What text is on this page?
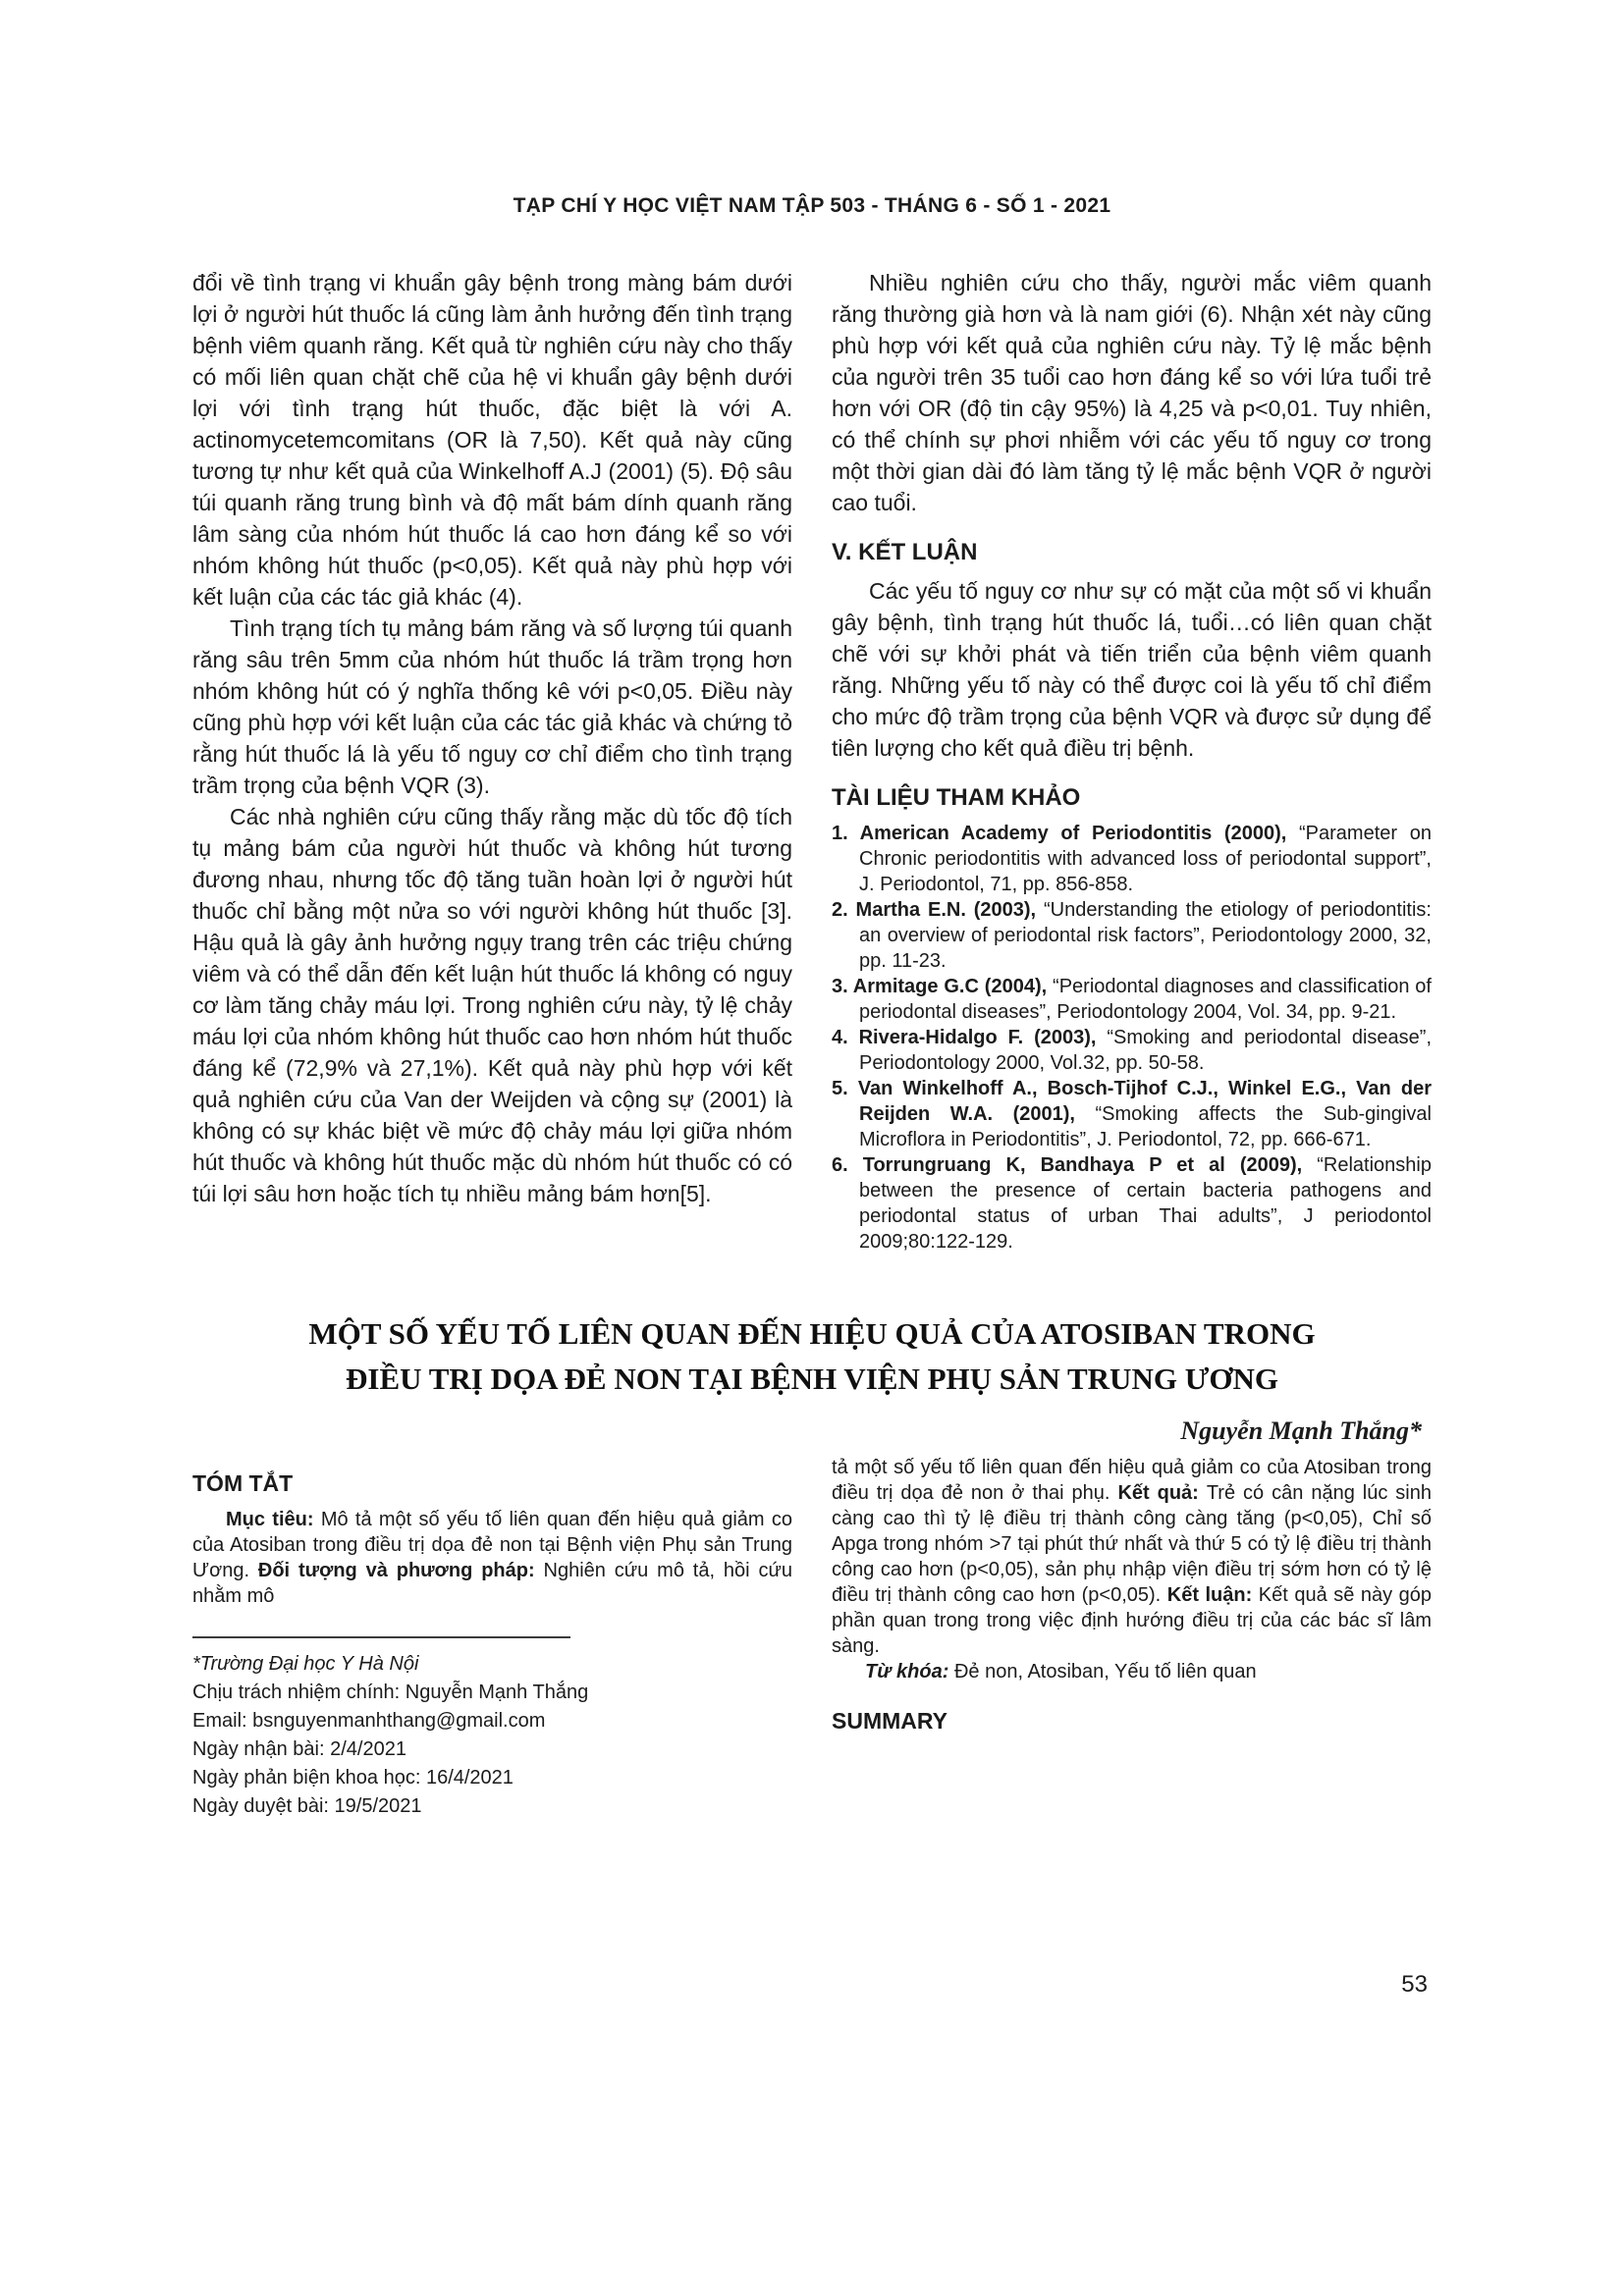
TẠP CHÍ Y HỌC VIỆT NAM TẬP 503 - THÁNG 6 - SỐ 1 - 2021

đổi về tình trạng vi khuẩn gây bệnh trong màng bám dưới lợi ở người hút thuốc lá cũng làm ảnh hưởng đến tình trạng bệnh viêm quanh răng. Kết quả từ nghiên cứu này cho thấy có mối liên quan chặt chẽ của hệ vi khuẩn gây bệnh dưới lợi với tình trạng hút thuốc, đặc biệt là với A. actinomycetemcomitans (OR là 7,50). Kết quả này cũng tương tự như kết quả của Winkelhoff A.J (2001) (5). Độ sâu túi quanh răng trung bình và độ mất bám dính quanh răng lâm sàng của nhóm hút thuốc lá cao hơn đáng kể so với nhóm không hút thuốc (p<0,05). Kết quả này phù hợp với kết luận của các tác giả khác (4).

Tình trạng tích tụ mảng bám răng và số lượng túi quanh răng sâu trên 5mm của nhóm hút thuốc lá trầm trọng hơn nhóm không hút có ý nghĩa thống kê với p<0,05. Điều này cũng phù hợp với kết luận của các tác giả khác và chứng tỏ rằng hút thuốc lá là yếu tố nguy cơ chỉ điểm cho tình trạng trầm trọng của bệnh VQR (3).

Các nhà nghiên cứu cũng thấy rằng mặc dù tốc độ tích tụ mảng bám của người hút thuốc và không hút tương đương nhau, nhưng tốc độ tăng tuần hoàn lợi ở người hút thuốc chỉ bằng một nửa so với người không hút thuốc [3]. Hậu quả là gây ảnh hưởng ngụy trang trên các triệu chứng viêm và có thể dẫn đến kết luận hút thuốc lá không có nguy cơ làm tăng chảy máu lợi. Trong nghiên cứu này, tỷ lệ chảy máu lợi của nhóm không hút thuốc cao hơn nhóm hút thuốc đáng kể (72,9% và 27,1%). Kết quả này phù hợp với kết quả nghiên cứu của Van der Weijden và cộng sự (2001) là không có sự khác biệt về mức độ chảy máu lợi giữa nhóm hút thuốc và không hút thuốc mặc dù nhóm hút thuốc có có túi lợi sâu hơn hoặc tích tụ nhiều mảng bám hơn[5].

Nhiều nghiên cứu cho thấy, người mắc viêm quanh răng thường già hơn và là nam giới (6). Nhận xét này cũng phù hợp với kết quả của nghiên cứu này. Tỷ lệ mắc bệnh của người trên 35 tuổi cao hơn đáng kể so với lứa tuổi trẻ hơn với OR (độ tin cậy 95%) là 4,25 và p<0,01. Tuy nhiên, có thể chính sự phơi nhiễm với các yếu tố nguy cơ trong một thời gian dài đó làm tăng tỷ lệ mắc bệnh VQR ở người cao tuổi.

V. KẾT LUẬN

Các yếu tố nguy cơ như sự có mặt của một số vi khuẩn gây bệnh, tình trạng hút thuốc lá, tuổi…có liên quan chặt chẽ với sự khởi phát và tiến triển của bệnh viêm quanh răng. Những yếu tố này có thể được coi là yếu tố chỉ điểm cho mức độ trầm trọng của bệnh VQR và được sử dụng để tiên lượng cho kết quả điều trị bệnh.

TÀI LIỆU THAM KHẢO
1. American Academy of Periodontitis (2000), “Parameter on Chronic periodontitis with advanced loss of periodontal support”, J. Periodontol, 71, pp. 856-858.
2. Martha E.N. (2003), “Understanding the etiology of periodontitis: an overview of periodontal risk factors”, Periodontology 2000, 32, pp. 11-23.
3. Armitage G.C (2004), “Periodontal diagnoses and classification of periodontal diseases”, Periodontology 2004, Vol. 34, pp. 9-21.
4. Rivera-Hidalgo F. (2003), “Smoking and periodontal disease”, Periodontology 2000, Vol.32, pp. 50-58.
5. Van Winkelhoff A., Bosch-Tijhof C.J., Winkel E.G., Van der Reijden W.A. (2001), “Smoking affects the Sub-gingival Microflora in Periodontitis”, J. Periodontol, 72, pp. 666-671.
6. Torrungruang K, Bandhaya P et al (2009), “Relationship between the presence of certain bacteria pathogens and periodontal status of urban Thai adults”, J periodontol 2009;80:122-129.
MỘT SỐ YẾU TỐ LIÊN QUAN ĐẾN HIỆU QUẢ CỦA ATOSIBAN TRONG
ĐIỀU TRỊ DỌA ĐẺ NON TẠI BỆNH VIỆN PHỤ SẢN TRUNG ƯƠNG
Nguyễn Mạnh Thắng*
TÓM TẮT

Mục tiêu: Mô tả một số yếu tố liên quan đến hiệu quả giảm co của Atosiban trong điều trị dọa đẻ non tại Bệnh viện Phụ sản Trung Ương. Đối tượng và phương pháp: Nghiên cứu mô tả, hồi cứu nhằm mô

*Trường Đại học Y Hà Nội
Chịu trách nhiệm chính: Nguyễn Mạnh Thắng
Email: bsnguyenmanhthang@gmail.com
Ngày nhận bài: 2/4/2021
Ngày phản biện khoa học: 16/4/2021
Ngày duyệt bài: 19/5/2021

tả một số yếu tố liên quan đến hiệu quả giảm co của Atosiban trong điều trị dọa đẻ non ở thai phụ. Kết quả: Trẻ có cân nặng lúc sinh càng cao thì tỷ lệ điều trị thành công càng tăng (p<0,05), Chỉ số Apga trong nhóm >7 tại phút thứ nhất và thứ 5 có tỷ lệ điều trị thành công cao hơn (p<0,05), sản phụ nhập viện điều trị sớm hơn có tỷ lệ điều trị thành công cao hơn (p<0,05). Kết luận: Kết quả sẽ này góp phần quan trong trong việc định hướng điều trị của các bác sĩ lâm sàng.

Từ khóa: Đẻ non, Atosiban, Yếu tố liên quan

SUMMARY
53
